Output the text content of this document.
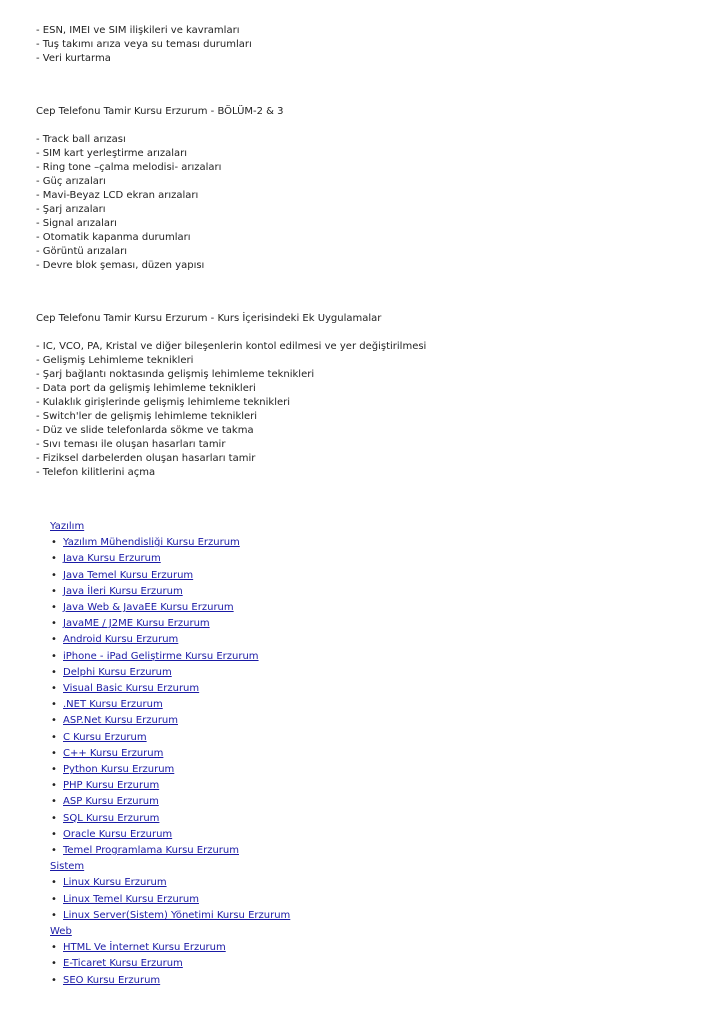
- ESN, IMEI ve SIM ilişkileri ve kavramları

- Tuş takımı arıza veya su teması durumları

- Veri kurtarma

Cep Telefonu Tamir Kursu Erzurum - BÖLÜM-2 & 3

- Track ball arızası

- SIM kart yerleştirme arızaları

- Ring tone –çalma melodisi- arızaları

- Güç arızaları

- Mavi-Beyaz LCD ekran arızaları

- Şarj arızaları

- Signal arızaları

- Otomatik kapanma durumları

- Görüntü arızaları

- Devre blok şeması, düzen yapısı

Cep Telefonu Tamir Kursu Erzurum - Kurs İçerisindeki Ek Uygulamalar

- IC, VCO, PA, Kristal ve diğer bileşenlerin kontol edilmesi ve yer değiştirilmesi

- Gelişmiş Lehimleme teknikleri

- Şarj bağlantı noktasında gelişmiş lehimleme teknikleri

- Data port da gelişmiş lehimleme teknikleri

- Kulaklık girişlerinde gelişmiş lehimleme teknikleri

- Switch'ler de gelişmiş lehimleme teknikleri

- Düz ve slide telefonlarda sökme ve takma

- Sıvı teması ile oluşan hasarları tamir

- Fiziksel darbelerden oluşan hasarları tamir

- Telefon kilitlerini açma

Yazılım
• Yazılım Mühendisliği Kursu Erzurum
• Java Kursu Erzurum
• Java Temel Kursu Erzurum
• Java İleri Kursu Erzurum
• Java Web & JavaEE Kursu Erzurum
• JavaME / J2ME Kursu Erzurum
• Android Kursu Erzurum
• iPhone - iPad Geliştirme Kursu Erzurum
• Delphi Kursu Erzurum
• Visual Basic Kursu Erzurum
• .NET Kursu Erzurum
• ASP.Net Kursu Erzurum
• C Kursu Erzurum
• C++ Kursu Erzurum
• Python Kursu Erzurum
• PHP Kursu Erzurum
• ASP Kursu Erzurum
• SQL Kursu Erzurum
• Oracle Kursu Erzurum
• Temel Programlama Kursu Erzurum
Sistem
• Linux Kursu Erzurum
• Linux Temel Kursu Erzurum
• Linux Server(Sistem) Yönetimi Kursu Erzurum
Web
• HTML Ve İnternet Kursu Erzurum
• E-Ticaret Kursu Erzurum
• SEO Kursu Erzurum
